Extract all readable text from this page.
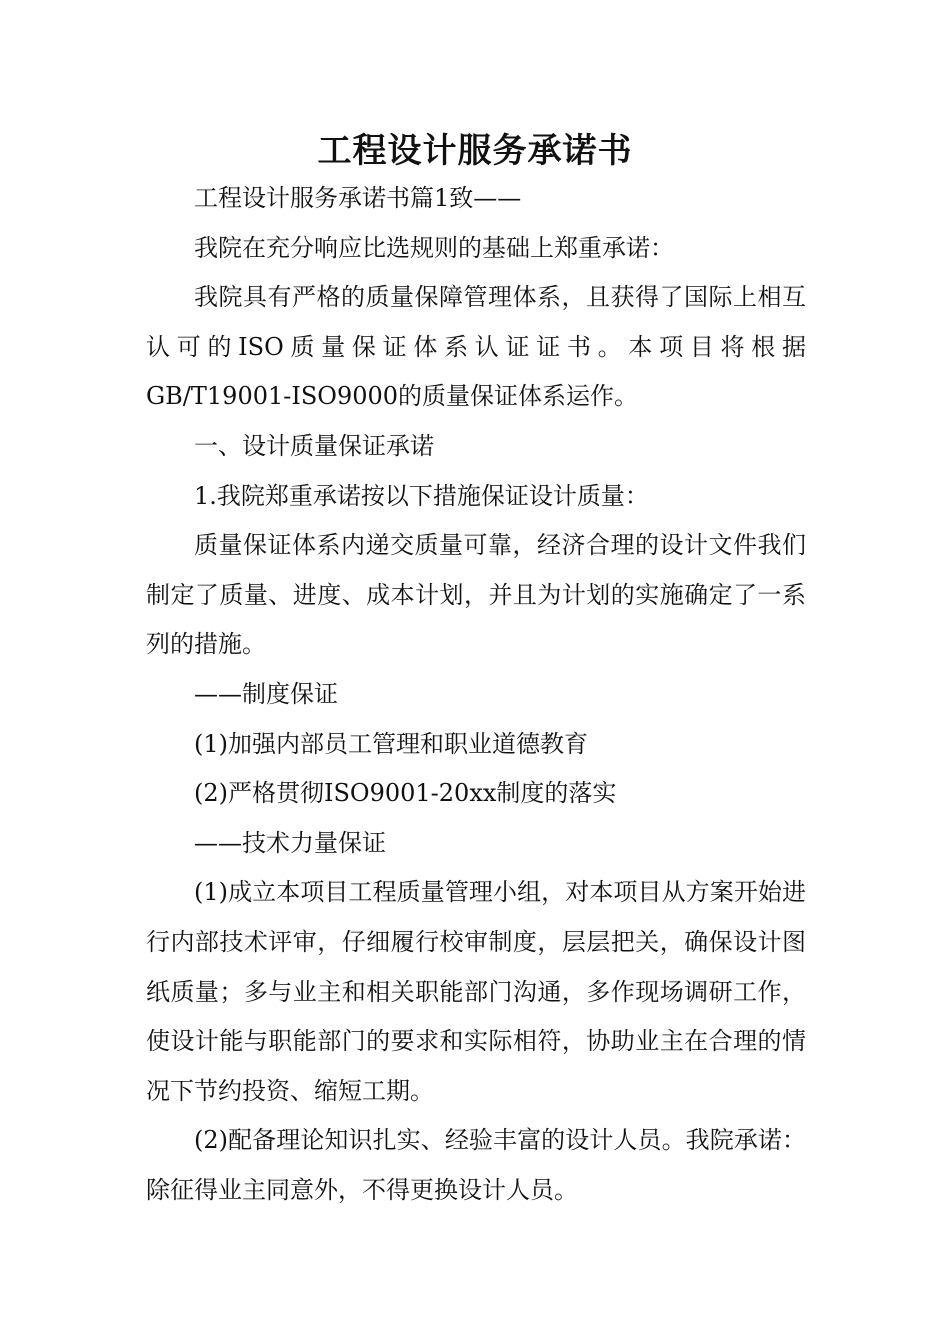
工程设计服务承诺书

工程设计服务承诺书篇1致——

我院在充分响应比选规则的基础上郑重承诺：

我院具有严格的质量保障管理体系，且获得了国际上相互认可的ISO质量保证体系认证证书。本项目将根据GB/T19001-ISO9000的质量保证体系运作。

一、设计质量保证承诺

1.我院郑重承诺按以下措施保证设计质量：

质量保证体系内递交质量可靠，经济合理的设计文件我们制定了质量、进度、成本计划，并且为计划的实施确定了一系列的措施。

——制度保证

(1)加强内部员工管理和职业道德教育

(2)严格贯彻ISO9001-20xx制度的落实

——技术力量保证

(1)成立本项目工程质量管理小组，对本项目从方案开始进行内部技术评审，仔细履行校审制度，层层把关，确保设计图纸质量；多与业主和相关职能部门沟通，多作现场调研工作，使设计能与职能部门的要求和实际相符，协助业主在合理的情况下节约投资、缩短工期。

(2)配备理论知识扎实、经验丰富的设计人员。我院承诺：除征得业主同意外，不得更换设计人员。
